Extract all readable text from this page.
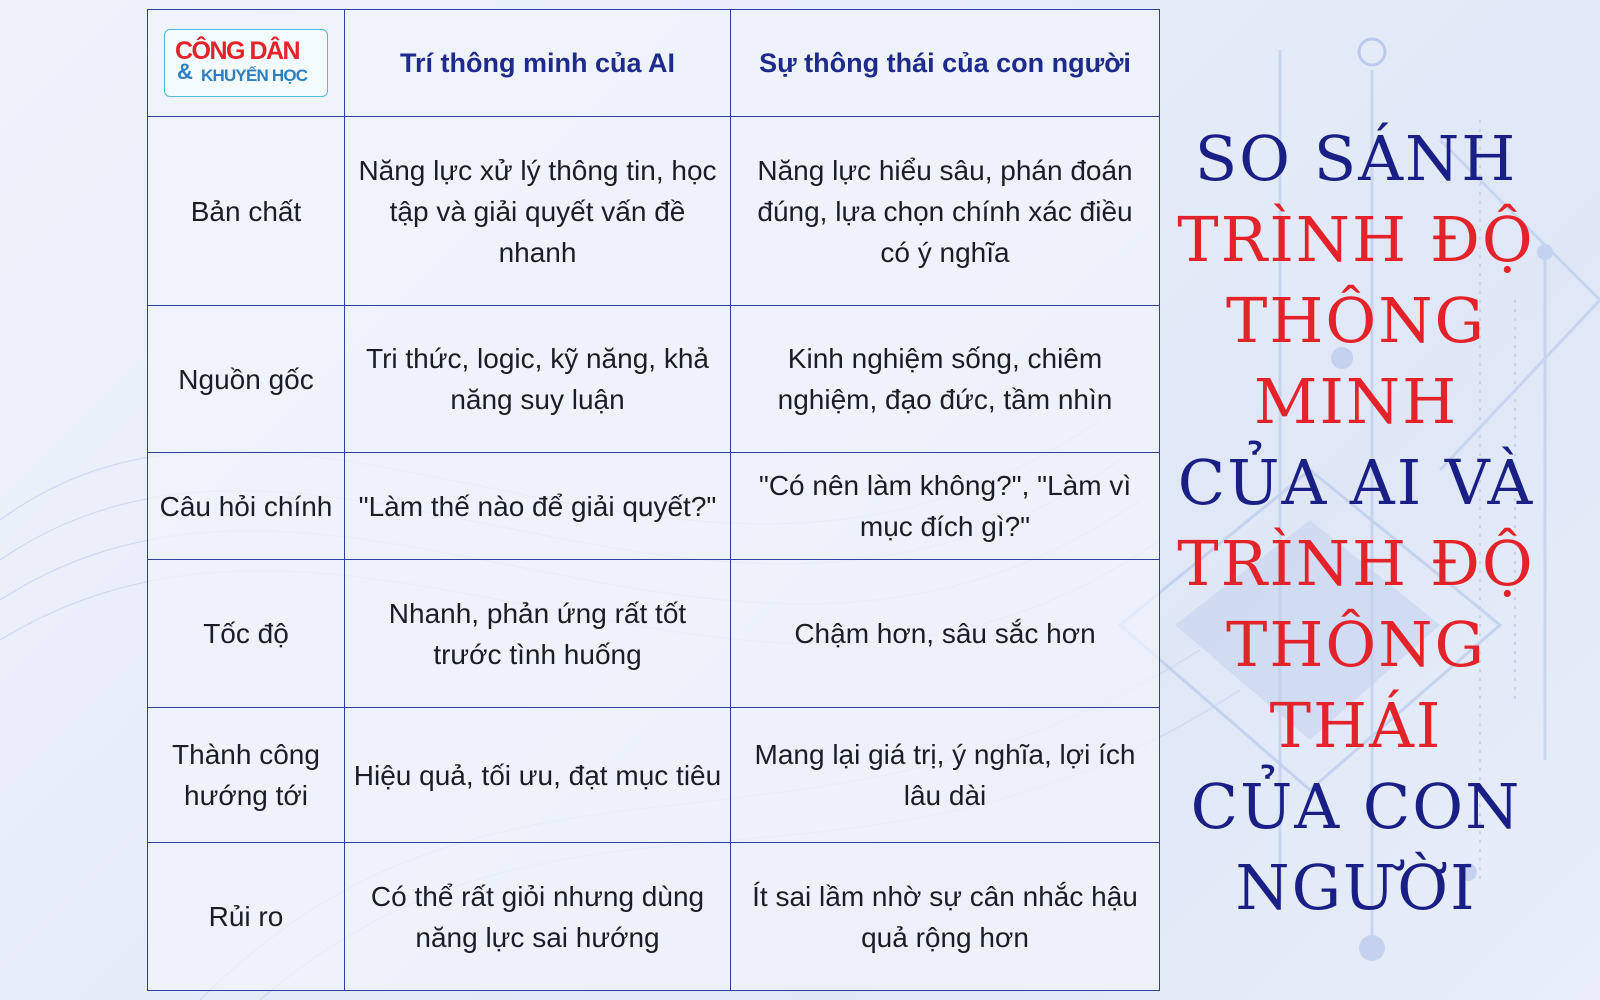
CÔNG DÂN
& KHUYẾN HỌC	Trí thông minh của AI	Sự thông thái của con người
Bản chất	Năng lực xử lý thông tin, học tập và giải quyết vấn đề nhanh	Năng lực hiểu sâu, phán đoán đúng, lựa chọn chính xác điều có ý nghĩa
Nguồn gốc	Tri thức, logic, kỹ năng, khả năng suy luận	Kinh nghiệm sống, chiêm nghiệm, đạo đức, tầm nhìn
Câu hỏi chính	"Làm thế nào để giải quyết?"	"Có nên làm không?", "Làm vì mục đích gì?"
Tốc độ	Nhanh, phản ứng rất tốt trước tình huống	Chậm hơn, sâu sắc hơn
Thành công hướng tới	Hiệu quả, tối ưu, đạt mục tiêu	Mang lại giá trị, ý nghĩa, lợi ích lâu dài
Rủi ro	Có thể rất giỏi nhưng dùng năng lực sai hướng	Ít sai lầm nhờ sự cân nhắc hậu quả rộng hơn
SO SÁNH
TRÌNH ĐỘ
THÔNG
MINH
CỦA AI VÀ
TRÌNH ĐỘ
THÔNG
THÁI
CỦA CON
NGƯỜI
